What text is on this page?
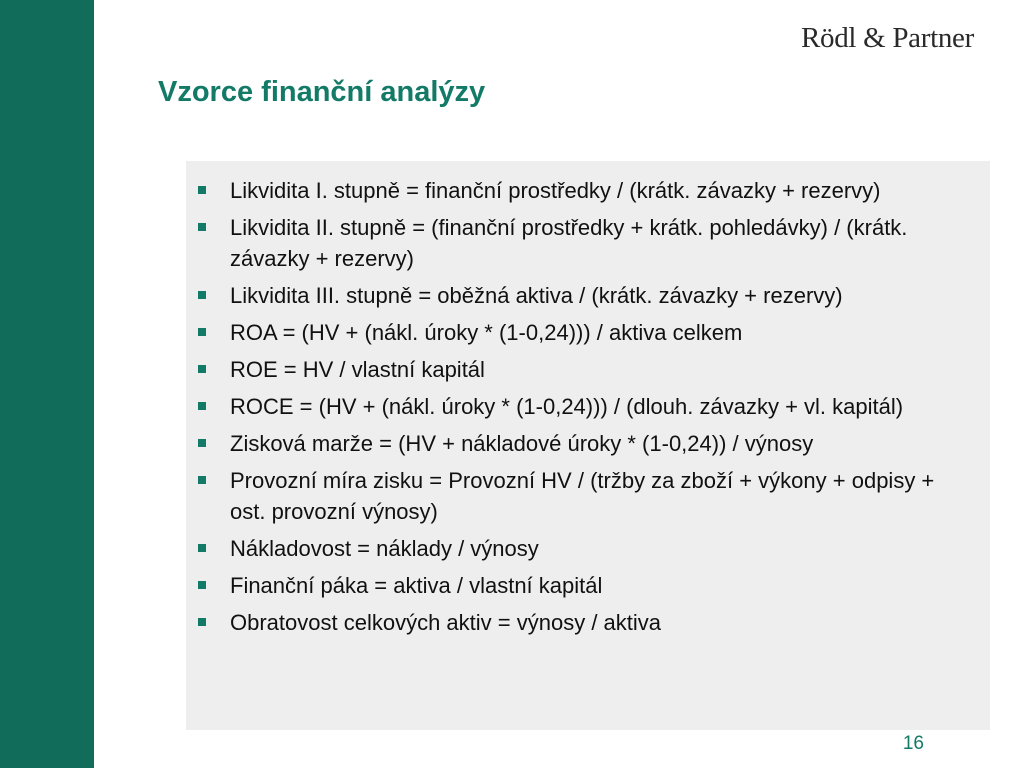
Rödl & Partner
Vzorce finanční analýzy
Likvidita I. stupně = finanční prostředky / (krátk. závazky + rezervy)
Likvidita II. stupně = (finanční prostředky + krátk. pohledávky) / (krátk. závazky + rezervy)
Likvidita III. stupně = oběžná aktiva / (krátk. závazky + rezervy)
ROA = (HV + (nákl. úroky * (1-0,24))) / aktiva celkem
ROE = HV / vlastní kapitál
ROCE = (HV + (nákl. úroky * (1-0,24))) / (dlouh. závazky + vl. kapitál)
Zisková marže = (HV + nákladové úroky * (1-0,24)) / výnosy
Provozní míra zisku = Provozní HV / (tržby za zboží + výkony + odpisy + ost. provozní výnosy)
Nákladovost = náklady / výnosy
Finanční páka = aktiva / vlastní kapitál
Obratovost celkových aktiv = výnosy / aktiva
16
